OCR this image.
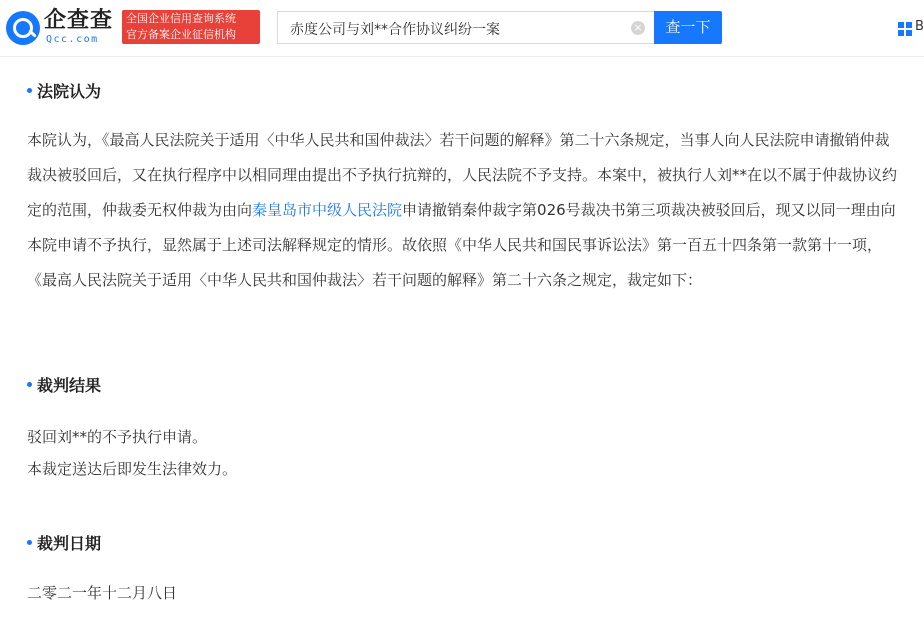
企查查
Qcc.com
全国企业信用查询系统
官方备案企业征信机构
赤度公司与刘**合作协议纠纷一案
×	查一下	B
法院认为
本院认为，《最高人民法院关于适用〈中华人民共和国仲裁法〉若干问题的解释》第二十六条规定，当事人向人民法院申请撤销仲裁裁决被驳回后，又在执行程序中以相同理由提出不予执行抗辩的，人民法院不予支持。本案中，被执行人刘**在以不属于仲裁协议约定的范围，仲裁委无权仲裁为由向秦皇岛市中级人民法院申请撤销秦仲裁字第026号裁决书第三项裁决被驳回后，现又以同一理由向本院申请不予执行，显然属于上述司法解释规定的情形。故依照《中华人民共和国民事诉讼法》第一百五十四条第一款第十一项，《最高人民法院关于适用〈中华人民共和国仲裁法〉若干问题的解释》第二十六条之规定，裁定如下：
裁判结果
驳回刘**的不予执行申请。
本裁定送达后即发生法律效力。
裁判日期
二零二一年十二月八日
